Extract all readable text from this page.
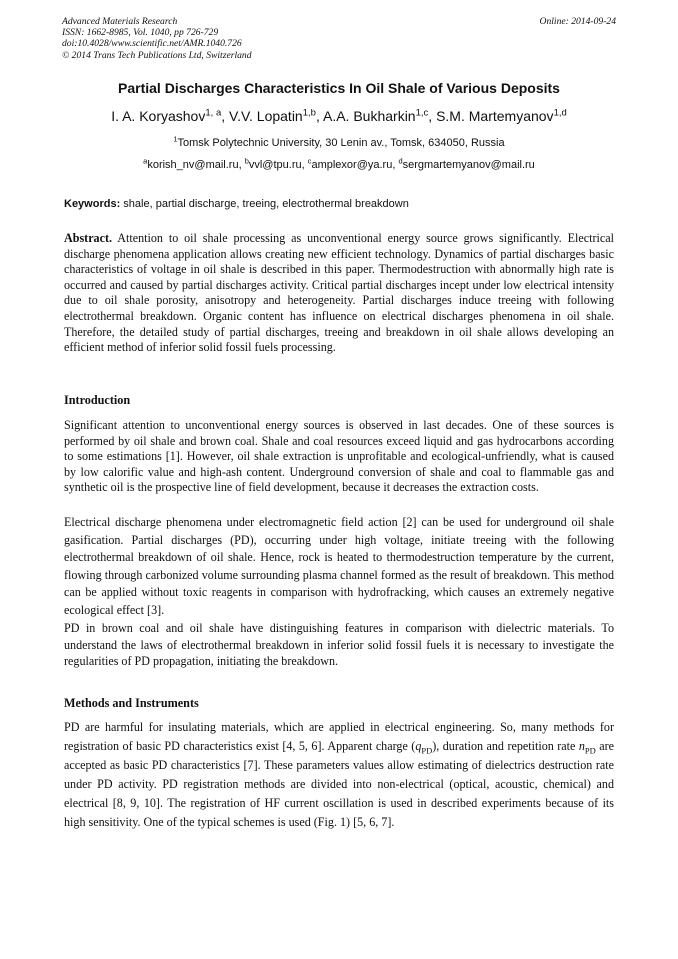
Advanced Materials Research
ISSN: 1662-8985, Vol. 1040, pp 726-729
doi:10.4028/www.scientific.net/AMR.1040.726
© 2014 Trans Tech Publications Ltd, Switzerland
Online: 2014-09-24
Partial Discharges Characteristics In Oil Shale of Various Deposits
I. A. Koryashov$^{1, a}$, V.V. Lopatin$^{1,b}$, A.A. Bukharkin$^{1,c}$, S.M. Martemyanov$^{1,d}$
$^1$Tomsk Polytechnic University, 30 Lenin av., Tomsk, 634050, Russia
$^a$korish_nv@mail.ru, $^b$vvl@tpu.ru, $^c$amplexor@ya.ru, $^d$sergmartemyanov@mail.ru
Keywords: shale, partial discharge, treeing, electrothermal breakdown

Abstract. Attention to oil shale processing as unconventional energy source grows significantly. Electrical discharge phenomena application allows creating new efficient technology. Dynamics of partial discharges basic characteristics of voltage in oil shale is described in this paper. Thermodestruction with abnormally high rate is occurred and caused by partial discharges activity. Critical partial discharges incept under low electrical intensity due to oil shale porosity, anisotropy and heterogeneity. Partial discharges induce treeing with following electrothermal breakdown. Organic content has influence on electrical discharges phenomena in oil shale. Therefore, the detailed study of partial discharges, treeing and breakdown in oil shale allows developing an efficient method of inferior solid fossil fuels processing.

Introduction

Significant attention to unconventional energy sources is observed in last decades. One of these sources is performed by oil shale and brown coal. Shale and coal resources exceed liquid and gas hydrocarbons according to some estimations [1]. However, oil shale extraction is unprofitable and ecological-unfriendly, what is caused by low calorific value and high-ash content. Underground conversion of shale and coal to flammable gas and synthetic oil is the prospective line of field development, because it decreases the extraction costs.

Electrical discharge phenomena under electromagnetic field action [2] can be used for underground oil shale gasification. Partial discharges (PD), occurring under high voltage, initiate treeing with the following electrothermal breakdown of oil shale. Hence, rock is heated to thermodestruction temperature by the current, flowing through carbonized volume surrounding plasma channel formed as the result of breakdown. This method can be applied without toxic reagents in comparison with hydrofracking, which causes an extremely negative ecological effect [3].

PD in brown coal and oil shale have distinguishing features in comparison with dielectric materials. To understand the laws of electrothermal breakdown in inferior solid fossil fuels it is necessary to investigate the regularities of PD propagation, initiating the breakdown.

Methods and Instruments

PD are harmful for insulating materials, which are applied in electrical engineering. So, many methods for registration of basic PD characteristics exist [4, 5, 6]. Apparent charge $(q_{PD})$, duration and repetition rate $n_{PD}$ are accepted as basic PD characteristics [7]. These parameters values allow estimating of dielectrics destruction rate under PD activity. PD registration methods are divided into non-electrical (optical, acoustic, chemical) and electrical [8, 9, 10]. The registration of HF current oscillation is used in described experiments because of its high sensitivity. One of the typical schemes is used (Fig. 1) [5, 6, 7].
